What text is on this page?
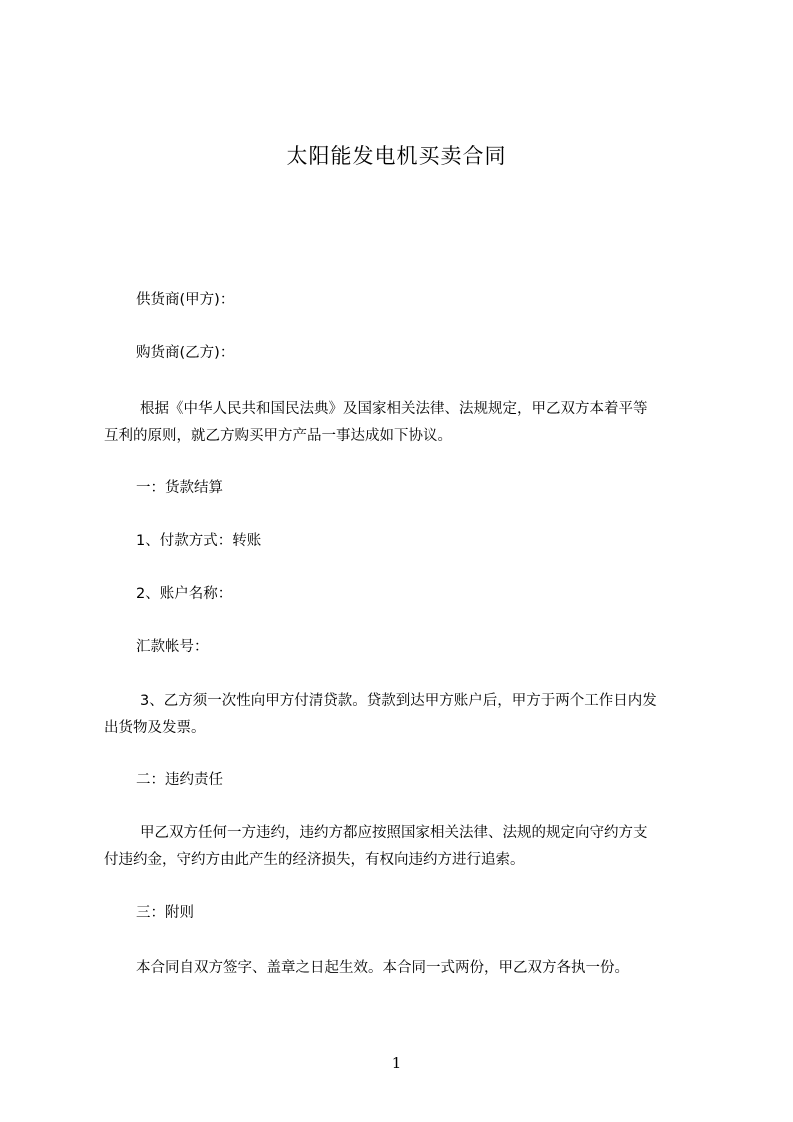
太阳能发电机买卖合同
供货商(甲方)：
购货商(乙方)：
根据《中华人民共和国民法典》及国家相关法律、法规规定，甲乙双方本着平等
互利的原则，就乙方购买甲方产品一事达成如下协议。
一：货款结算
1、付款方式：转账
2、账户名称：
汇款帐号：
3、乙方须一次性向甲方付清贷款。贷款到达甲方账户后，甲方于两个工作日内发
出货物及发票。
二：违约责任
甲乙双方任何一方违约，违约方都应按照国家相关法律、法规的规定向守约方支
付违约金，守约方由此产生的经济损失，有权向违约方进行追索。
三：附则
本合同自双方签字、盖章之日起生效。本合同一式两份，甲乙双方各执一份。
1
